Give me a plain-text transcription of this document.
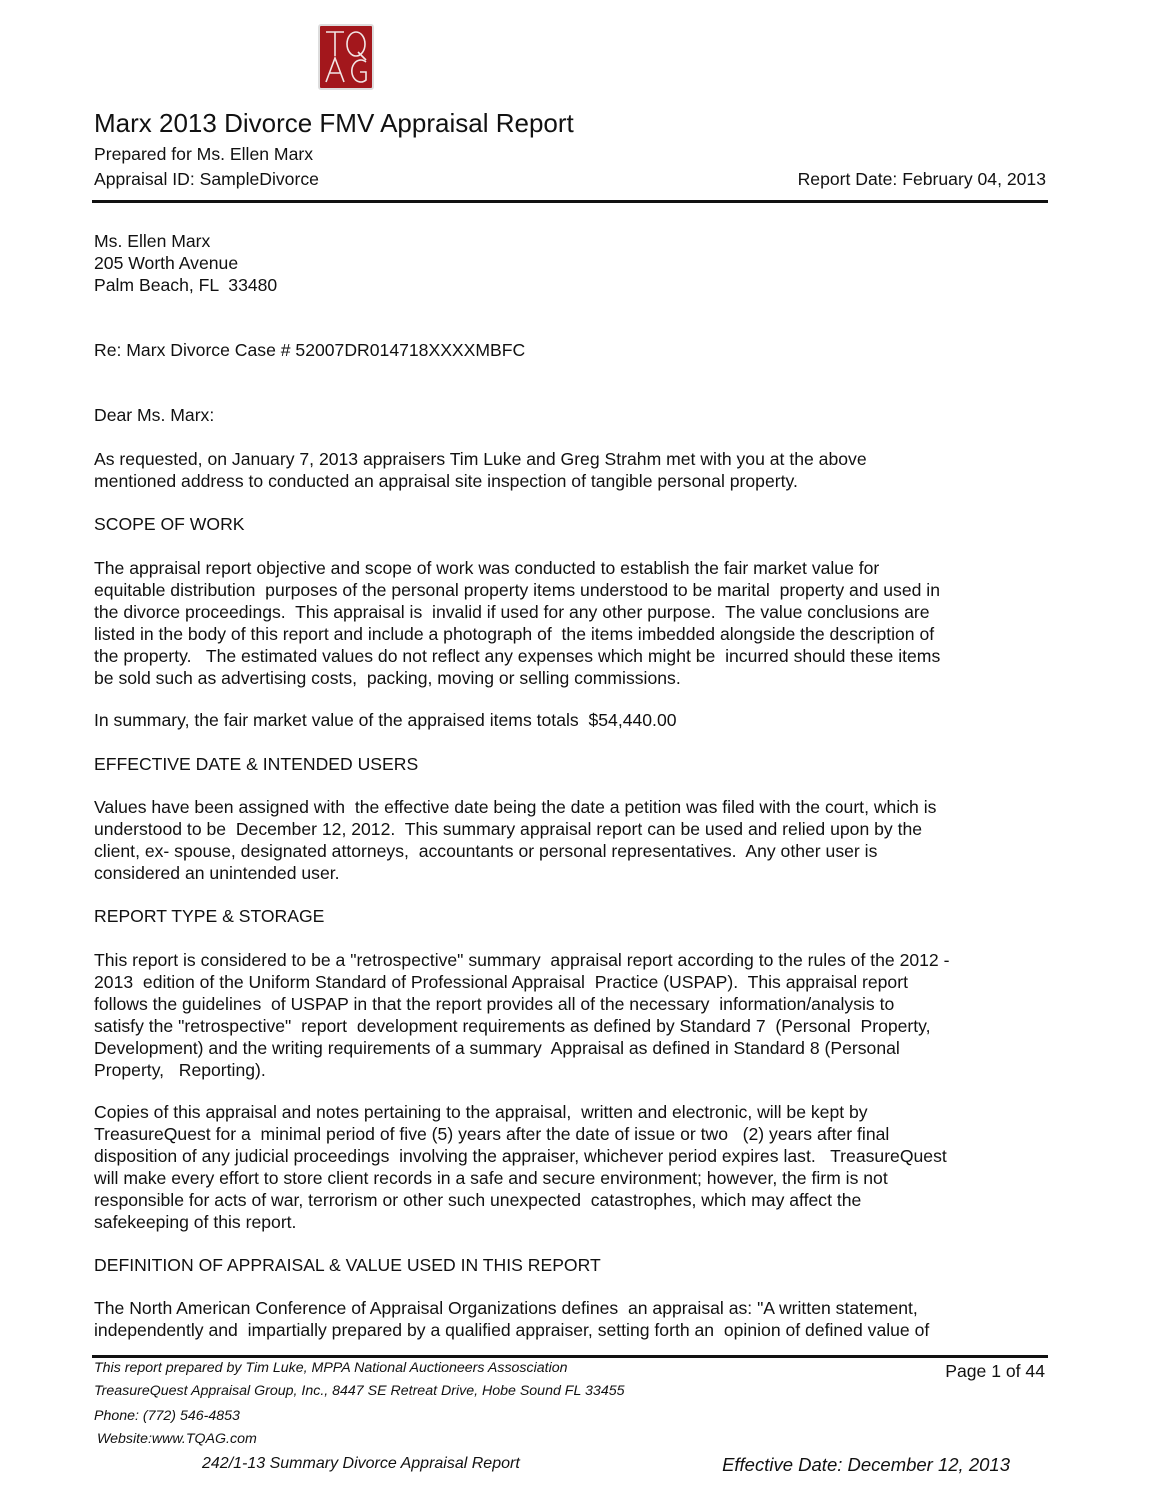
Marx 2013 Divorce FMV Appraisal Report
Prepared for Ms. Ellen Marx
Appraisal ID: SampleDivorce	Report Date: February 04, 2013
Ms. Ellen Marx
205 Worth Avenue
Palm Beach, FL  33480
Re: Marx Divorce Case # 52007DR014718XXXXMBFC
Dear Ms. Marx:
As requested, on January 7, 2013 appraisers Tim Luke and Greg Strahm met with you at the above
mentioned address to conducted an appraisal site inspection of tangible personal property.
SCOPE OF WORK
The appraisal report objective and scope of work was conducted to establish the fair market value for
equitable distribution  purposes of the personal property items understood to be marital  property and used in
the divorce proceedings.  This appraisal is  invalid if used for any other purpose.  The value conclusions are
listed in the body of this report and include a photograph of  the items imbedded alongside the description of
the property.   The estimated values do not reflect any expenses which might be  incurred should these items
be sold such as advertising costs,  packing, moving or selling commissions.
In summary, the fair market value of the appraised items totals  $54,440.00
EFFECTIVE DATE & INTENDED USERS
Values have been assigned with  the effective date being the date a petition was filed with the court, which is
understood to be  December 12, 2012.  This summary appraisal report can be used and relied upon by the
client, ex- spouse, designated attorneys,  accountants or personal representatives.  Any other user is
considered an unintended user.
REPORT TYPE & STORAGE
This report is considered to be a "retrospective" summary  appraisal report according to the rules of the 2012 -
2013  edition of the Uniform Standard of Professional Appraisal  Practice (USPAP).  This appraisal report
follows the guidelines  of USPAP in that the report provides all of the necessary  information/analysis to
satisfy the "retrospective"  report  development requirements as defined by Standard 7  (Personal  Property,
Development) and the writing requirements of a summary  Appraisal as defined in Standard 8 (Personal
Property,   Reporting).
Copies of this appraisal and notes pertaining to the appraisal,  written and electronic, will be kept by
TreasureQuest for a  minimal period of five (5) years after the date of issue or two   (2) years after final
disposition of any judicial proceedings  involving the appraiser, whichever period expires last.   TreasureQuest
will make every effort to store client records in a safe and secure environment; however, the firm is not
responsible for acts of war, terrorism or other such unexpected  catastrophes, which may affect the
safekeeping of this report.
DEFINITION OF APPRAISAL & VALUE USED IN THIS REPORT
The North American Conference of Appraisal Organizations defines  an appraisal as: "A written statement,
independently and  impartially prepared by a qualified appraiser, setting forth an  opinion of defined value of
This report prepared by Tim Luke, MPPA National Auctioneers Assosciation
TreasureQuest Appraisal Group, Inc., 8447 SE Retreat Drive, Hobe Sound FL 33455
Phone: (772) 546-4853
Website:www.TQAG.com
242/1-13 Summary Divorce Appraisal Report
Page 1 of 44
Effective Date: December 12, 2013
